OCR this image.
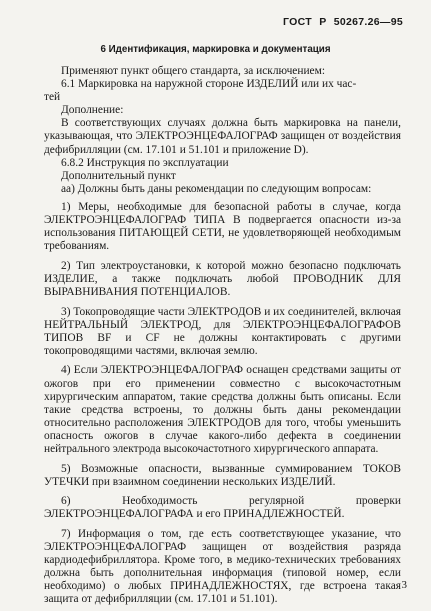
ГОСТ Р 50267.26—95
6 Идентификация, маркировка и документация

Применяют пункт общего стандарта, за исключением:

6.1 Маркировка на наружной стороне ИЗДЕЛИЙ или их час-

тей

Дополнение:

В соответствующих случаях должна быть маркировка на панели, указывающая, что ЭЛЕКТРОЭНЦЕФАЛОГРАФ защищен от воздействия дефибрилляции (см. 17.101 и 51.101 и приложение D).

6.8.2 Инструкция по эксплуатации

Дополнительный пункт

аа) Должны быть даны рекомендации по следующим вопросам:

1) Меры, необходимые для безопасной работы в случае, когда ЭЛЕКТРОЭНЦЕФАЛОГРАФ ТИПА В подвергается опасности из-за использования ПИТАЮЩЕЙ СЕТИ, не удовлетворяющей необходимым требованиям.

2) Тип электроустановки, к которой можно безопасно подключать ИЗДЕЛИЕ, а также подключать любой ПРОВОДНИК ДЛЯ ВЫРАВНИВАНИЯ ПОТЕНЦИАЛОВ.

3) Токопроводящие части ЭЛЕКТРОДОВ и их соединителей, включая НЕЙТРАЛЬНЫЙ ЭЛЕКТРОД, для ЭЛЕКТРОЭНЦЕФАЛОГРАФОВ ТИПОВ BF и CF не должны контактировать с другими токопроводящими частями, включая землю.

4) Если ЭЛЕКТРОЭНЦЕФАЛОГРАФ оснащен средствами защиты от ожогов при его применении совместно с высокочастотным хирургическим аппаратом, такие средства должны быть описаны. Если такие средства встроены, то должны быть даны рекомендации относительно расположения ЭЛЕКТРОДОВ для того, чтобы уменьшить опасность ожогов в случае какого-либо дефекта в соединении нейтрального электрода высокочастотного хирургического аппарата.

5) Возможные опасности, вызванные суммированием ТОКОВ УТЕЧКИ при взаимном соединении нескольких ИЗДЕЛИЙ.

6) Необходимость регулярной проверки ЭЛЕКТРОЭНЦЕФАЛОГРАФА и его ПРИНАДЛЕЖНОСТЕЙ.

7) Информация о том, где есть соответствующее указание, что ЭЛЕКТРОЭНЦЕФАЛОГРАФ защищен от воздействия разряда кардиодефибриллятора. Кроме того, в медико-технических требованиях должна быть дополнительная информация (типовой номер, если необходимо) о любых ПРИНАДЛЕЖНОСТЯХ, где встроена такая защита от дефибрилляции (см. 17.101 и 51.101).

3
